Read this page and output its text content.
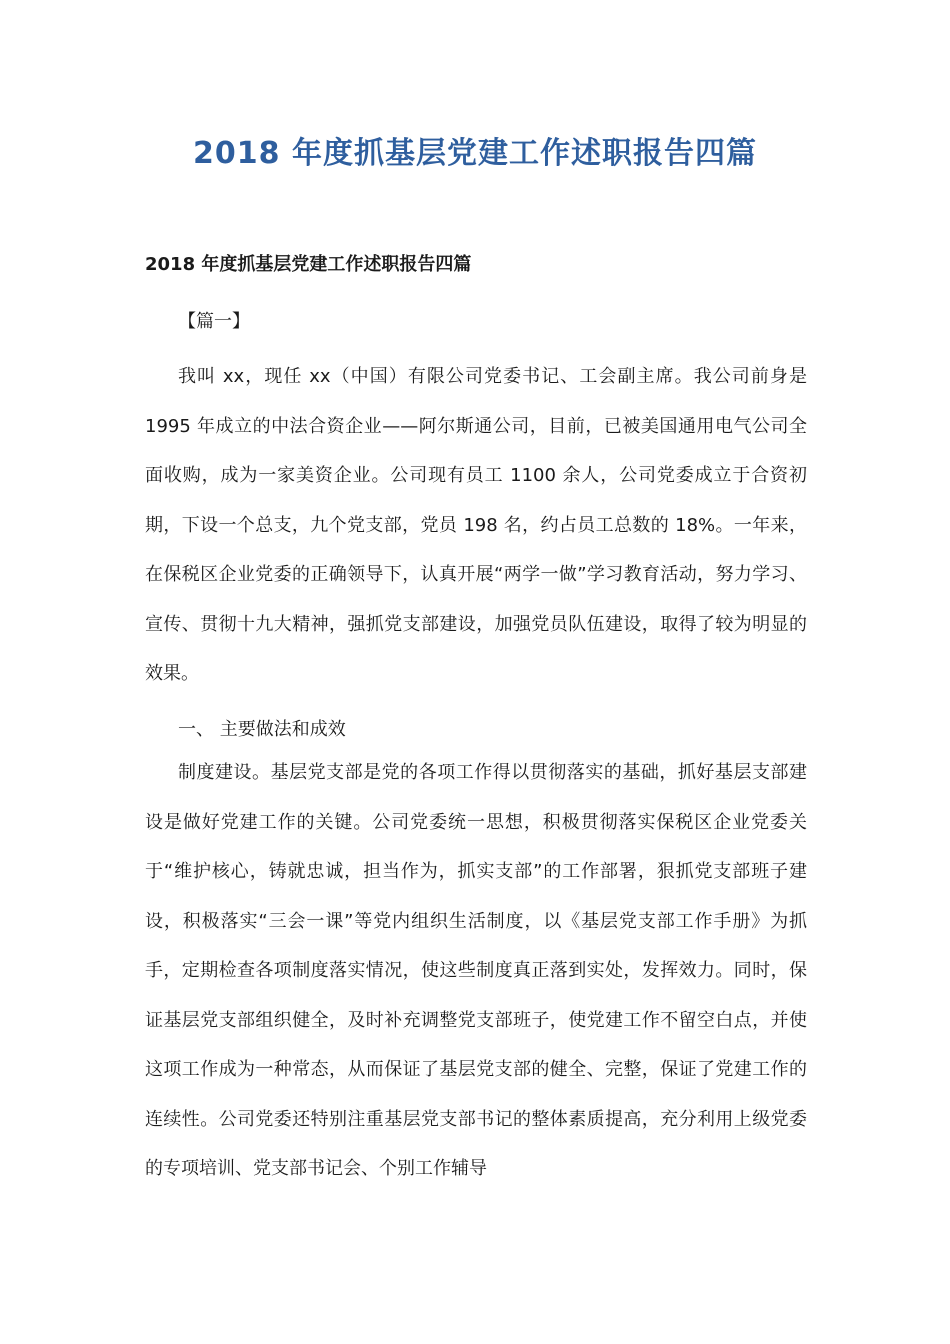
2018 年度抓基层党建工作述职报告四篇

2018 年度抓基层党建工作述职报告四篇

【篇一】

我叫 xx，现任 xx（中国）有限公司党委书记、工会副主席。我公司前身是 1995 年成立的中法合资企业——阿尔斯通公司，目前，已被美国通用电气公司全面收购，成为一家美资企业。公司现有员工 1100 余人，公司党委成立于合资初期，下设一个总支，九个党支部，党员 198 名，约占员工总数的 18%。一年来，在保税区企业党委的正确领导下，认真开展“两学一做”学习教育活动，努力学习、宣传、贯彻十九大精神，强抓党支部建设，加强党员队伍建设，取得了较为明显的效果。

一、 主要做法和成效

制度建设。基层党支部是党的各项工作得以贯彻落实的基础，抓好基层支部建设是做好党建工作的关键。公司党委统一思想，积极贯彻落实保税区企业党委关于“维护核心，铸就忠诚，担当作为，抓实支部”的工作部署，狠抓党支部班子建设，积极落实“三会一课”等党内组织生活制度，以《基层党支部工作手册》为抓手，定期检查各项制度落实情况，使这些制度真正落到实处，发挥效力。同时，保证基层党支部组织健全，及时补充调整党支部班子，使党建工作不留空白点，并使这项工作成为一种常态，从而保证了基层党支部的健全、完整，保证了党建工作的连续性。公司党委还特别注重基层党支部书记的整体素质提高，充分利用上级党委的专项培训、党支部书记会、个别工作辅导
